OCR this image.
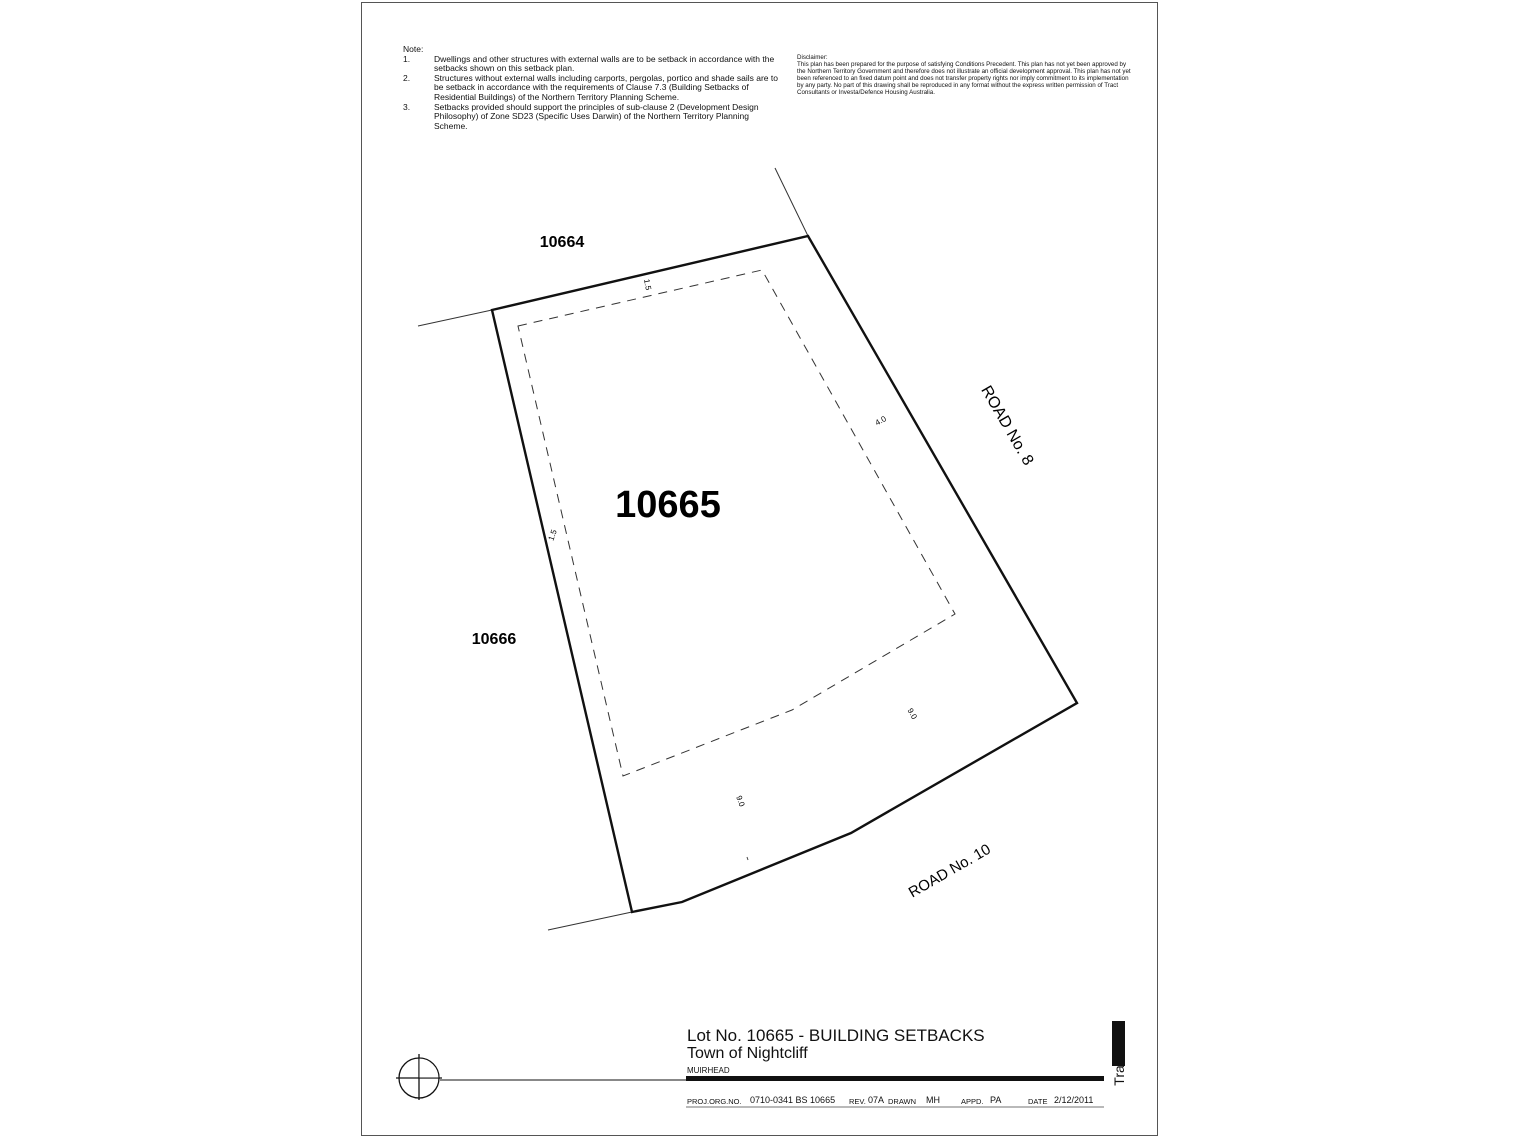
Note:
1.	Dwellings and other structures with external walls are to be setback in accordance with the setbacks shown on this setback plan.
2.	Structures without external walls including carports, pergolas, portico and shade sails are to be setback in accordance with the requirements of Clause 7.3 (Building Setbacks of Residential Buildings) of the Northern Territory Planning Scheme.
3.	Setbacks provided should support the principles of sub-clause 2 (Development Design Philosophy) of Zone SD23 (Specific Uses Darwin) of the Northern Territory Planning Scheme.
Disclaimer:
This plan has been prepared for the purpose of satisfying Conditions Precedent. This plan has not yet been approved by the Northern Territory Government and therefore does not illustrate an official development approval. This plan has not yet been referenced to an fixed datum point and does not transfer property rights nor imply commitment to its implementation by any party. No part of this drawing shall be reproduced in any format without the express written permission of Tract Consultants or Investa/Defence Housing Australia.
10665
10664
10666
ROAD No. 8
ROAD No. 10
1.5
1.5
4.0
9.0
9.0
Lot No. 10665 - BUILDING SETBACKS
Town of Nightcliff
MUIRHEAD
PROJ.ORG.NO. 0710-0341 BS 10665 REV. 07A DRAWN MH	APPD. PA	DATE 2/12/2011
Tract
